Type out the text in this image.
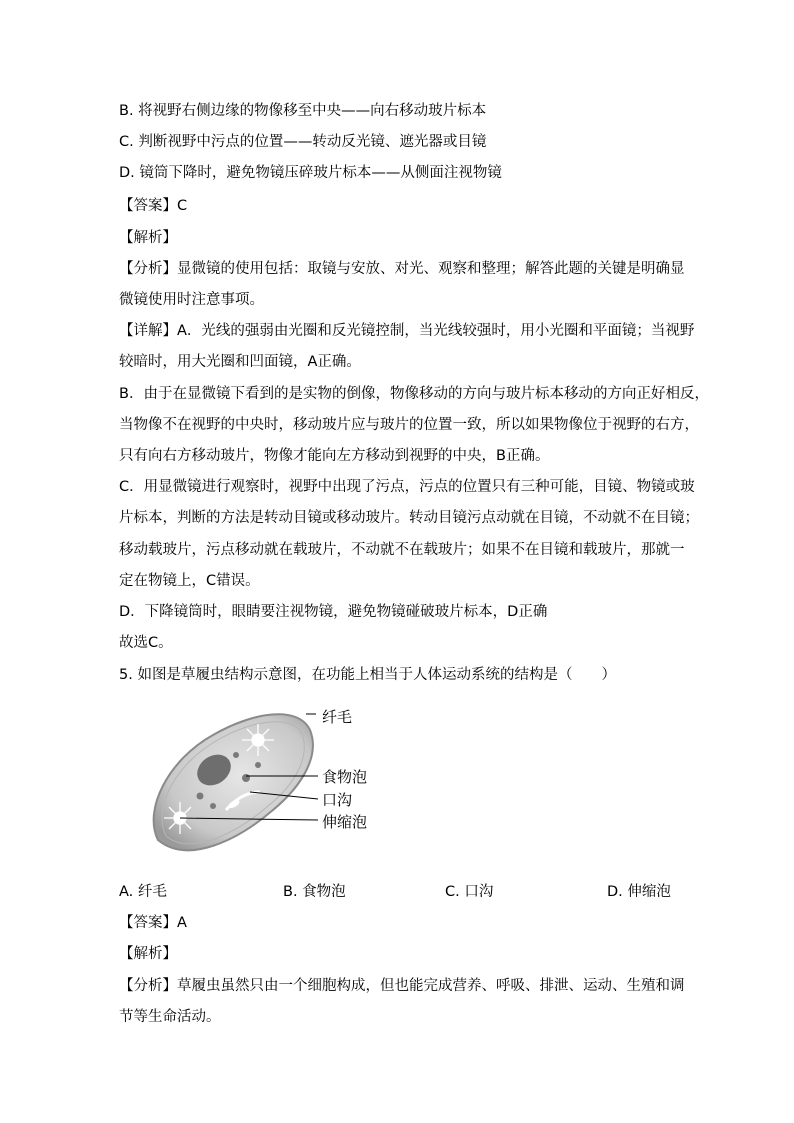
B. 将视野右侧边缘的物像移至中央——向右移动玻片标本
C. 判断视野中污点的位置——转动反光镜、遮光器或目镜
D. 镜筒下降时，避免物镜压碎玻片标本——从侧面注视物镜
【答案】C
【解析】
【分析】显微镜的使用包括：取镜与安放、对光、观察和整理；解答此题的关键是明确显
微镜使用时注意事项。
【详解】A．光线的强弱由光圈和反光镜控制，当光线较强时，用小光圈和平面镜；当视野
较暗时，用大光圈和凹面镜，A正确。
B．由于在显微镜下看到的是实物的倒像，物像移动的方向与玻片标本移动的方向正好相反，
当物像不在视野的中央时，移动玻片应与玻片的位置一致，所以如果物像位于视野的右方，
只有向右方移动玻片，物像才能向左方移动到视野的中央，B正确。
C．用显微镜进行观察时，视野中出现了污点，污点的位置只有三种可能，目镜、物镜或玻
片标本，判断的方法是转动目镜或移动玻片。转动目镜污点动就在目镜，不动就不在目镜；
移动载玻片，污点移动就在载玻片，不动就不在载玻片；如果不在目镜和载玻片，那就一
定在物镜上，C错误。
D．下降镜筒时，眼睛要注视物镜，避免物镜碰破玻片标本，D正确
故选C。
5. 如图是草履虫结构示意图，在功能上相当于人体运动系统的结构是（　　）
纤毛
食物泡
口沟
伸缩泡
A. 纤毛	B. 食物泡	C. 口沟	D. 伸缩泡
【答案】A
【解析】
【分析】草履虫虽然只由一个细胞构成，但也能完成营养、呼吸、排泄、运动、生殖和调
节等生命活动。
